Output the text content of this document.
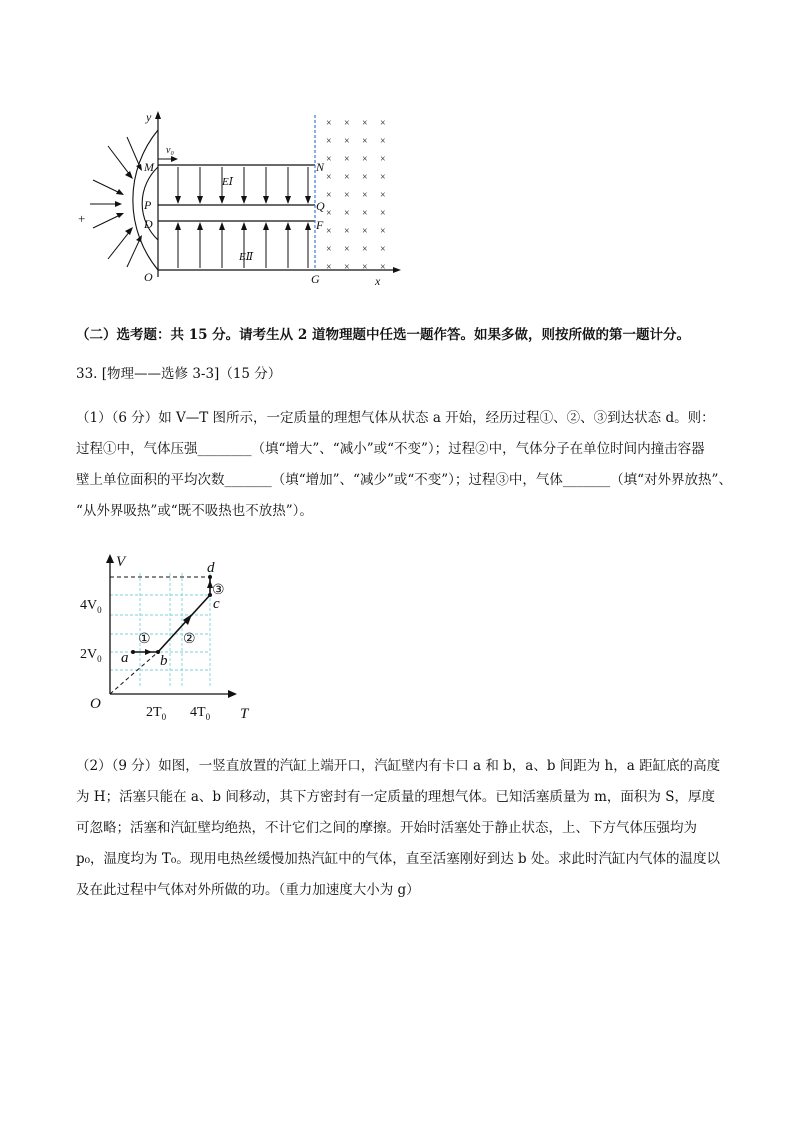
y
x
+
v₀
M	N
P	Q
D	F
O	G
EⅠ
EⅡ
× × × ×
× × × ×
× × × ×
× × × ×
× × × ×
× × × ×
× × × ×
× × × ×
× × × ×
（二）选考题：共 15 分。请考生从 2 道物理题中任选一题作答。如果多做，则按所做的第一题计分。
33. [物理——选修 3-3]（15 分）
（1）（6 分）如 V—T 图所示，一定质量的理想气体从状态 a 开始，经历过程①、②、③到达状态 d。则：
过程①中，气体压强________（填“增大”、“减小”或“不变”）；过程②中，气体分子在单位时间内撞击容器
壁上单位面积的平均次数_______（填“增加”、“减少”或“不变”）；过程③中，气体_______（填“对外界放热”、
“从外界吸热”或“既不吸热也不放热”）。
V
T
O
a b
c
d
① ②
③
$4V_0$
$2V_0$
$2T_0$ $4T_0$
（2）（9 分）如图，一竖直放置的汽缸上端开口，汽缸壁内有卡口 a 和 b，a、b 间距为 h，a 距缸底的高度
为 H；活塞只能在 a、b 间移动，其下方密封有一定质量的理想气体。已知活塞质量为 m，面积为 S，厚度
可忽略；活塞和汽缸壁均绝热，不计它们之间的摩擦。开始时活塞处于静止状态，上、下方气体压强均为
p₀，温度均为 T₀。现用电热丝缓慢加热汽缸中的气体，直至活塞刚好到达 b 处。求此时汽缸内气体的温度以
及在此过程中气体对外所做的功。（重力加速度大小为 g）
